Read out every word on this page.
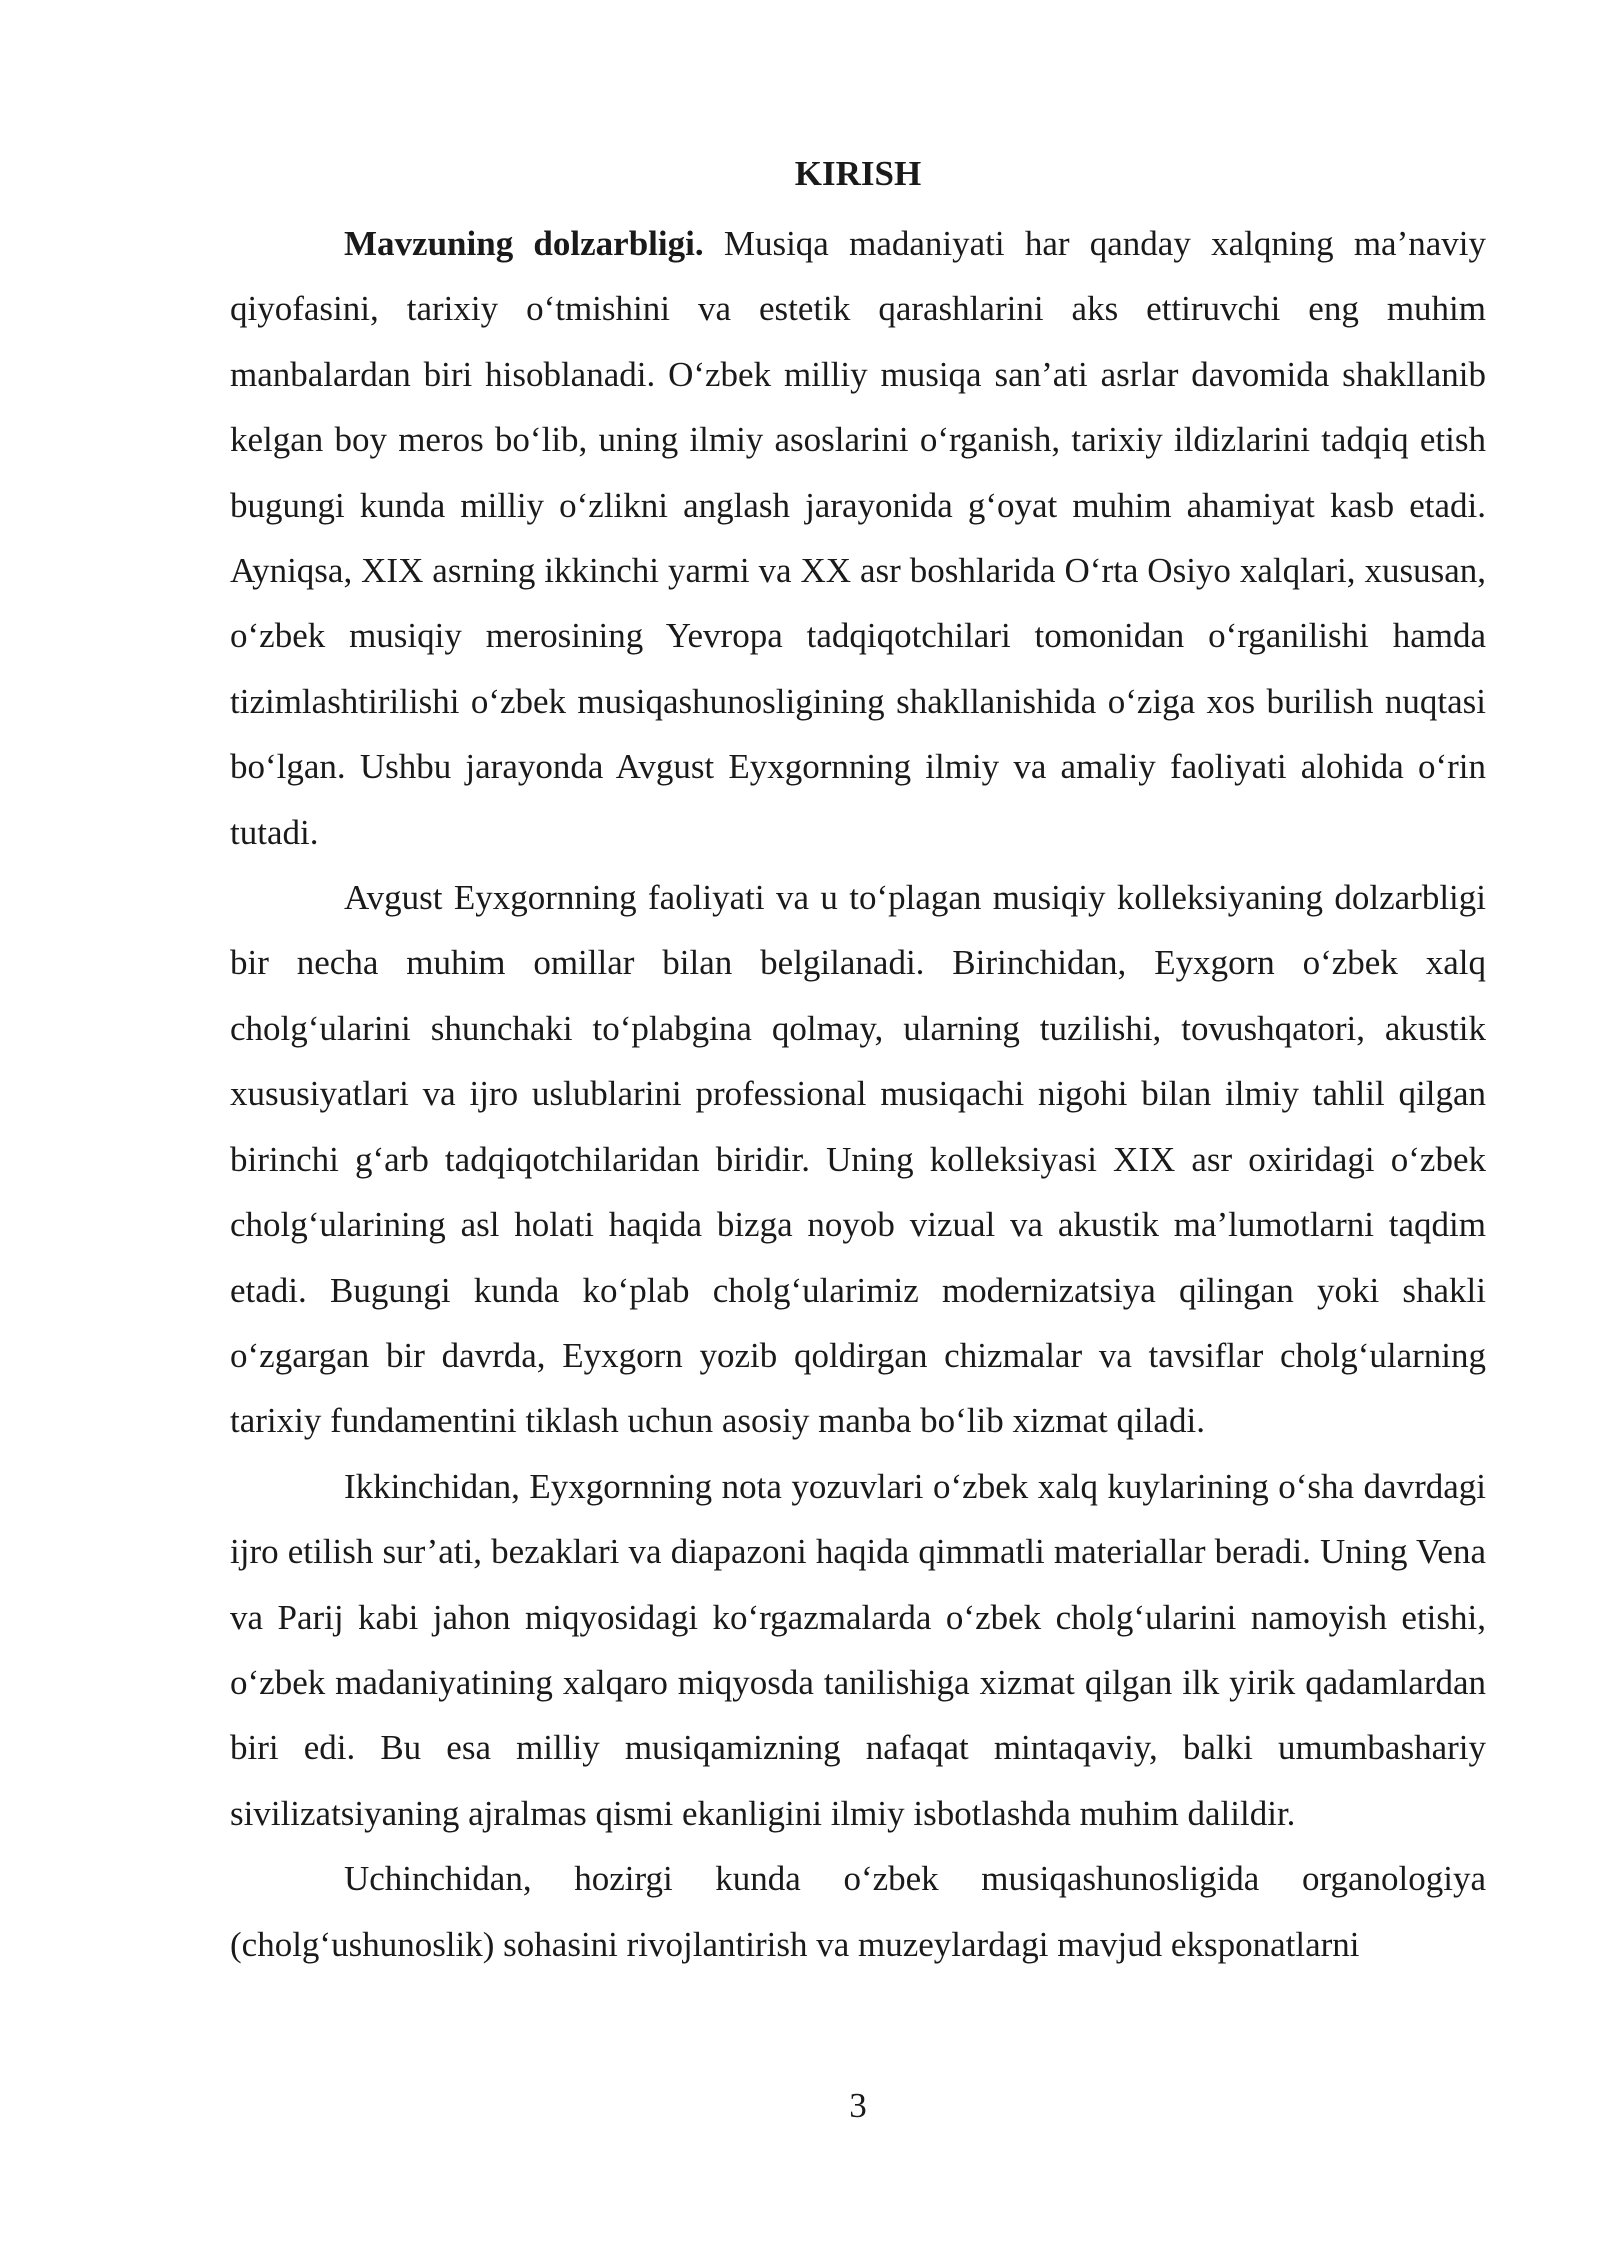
KIRISH

Mavzuning dolzarbligi. Musiqa madaniyati har qanday xalqning ma’naviy qiyofasini, tarixiy o‘tmishini va estetik qarashlarini aks ettiruvchi eng muhim manbalardan biri hisoblanadi. O‘zbek milliy musiqa san’ati asrlar davomida shakllanib kelgan boy meros bo‘lib, uning ilmiy asoslarini o‘rganish, tarixiy ildizlarini tadqiq etish bugungi kunda milliy o‘zlikni anglash jarayonida g‘oyat muhim ahamiyat kasb etadi. Ayniqsa, XIX asrning ikkinchi yarmi va XX asr boshlarida O‘rta Osiyo xalqlari, xususan, o‘zbek musiqiy merosining Yevropa tadqiqotchilari tomonidan o‘rganilishi hamda tizimlashtirilishi o‘zbek musiqashunosligining shakllanishida o‘ziga xos burilish nuqtasi bo‘lgan. Ushbu jarayonda Avgust Eyxgornning ilmiy va amaliy faoliyati alohida o‘rin tutadi.

Avgust Eyxgornning faoliyati va u to‘plagan musiqiy kolleksiyaning dolzarbligi bir necha muhim omillar bilan belgilanadi. Birinchidan, Eyxgorn o‘zbek xalq cholg‘ularini shunchaki to‘plabgina qolmay, ularning tuzilishi, tovushqatori, akustik xususiyatlari va ijro uslublarini professional musiqachi nigohi bilan ilmiy tahlil qilgan birinchi g‘arb tadqiqotchilaridan biridir. Uning kolleksiyasi XIX asr oxiridagi o‘zbek cholg‘ularining asl holati haqida bizga noyob vizual va akustik ma’lumotlarni taqdim etadi. Bugungi kunda ko‘plab cholg‘ularimiz modernizatsiya qilingan yoki shakli o‘zgargan bir davrda, Eyxgorn yozib qoldirgan chizmalar va tavsiflar cholg‘ularning tarixiy fundamentini tiklash uchun asosiy manba bo‘lib xizmat qiladi.

Ikkinchidan, Eyxgornning nota yozuvlari o‘zbek xalq kuylarining o‘sha davrdagi ijro etilish sur’ati, bezaklari va diapazoni haqida qimmatli materiallar beradi. Uning Vena va Parij kabi jahon miqyosidagi ko‘rgazmalarda o‘zbek cholg‘ularini namoyish etishi, o‘zbek madaniyatining xalqaro miqyosda tanilishiga xizmat qilgan ilk yirik qadamlardan biri edi. Bu esa milliy musiqamizning nafaqat mintaqaviy, balki umumbashariy sivilizatsiyaning ajralmas qismi ekanligini ilmiy isbotlashda muhim dalildir.

Uchinchidan, hozirgi kunda o‘zbek musiqashunosligida organologiya (cholg‘ushunoslik) sohasini rivojlantirish va muzeylardagi mavjud eksponatlarni

3
